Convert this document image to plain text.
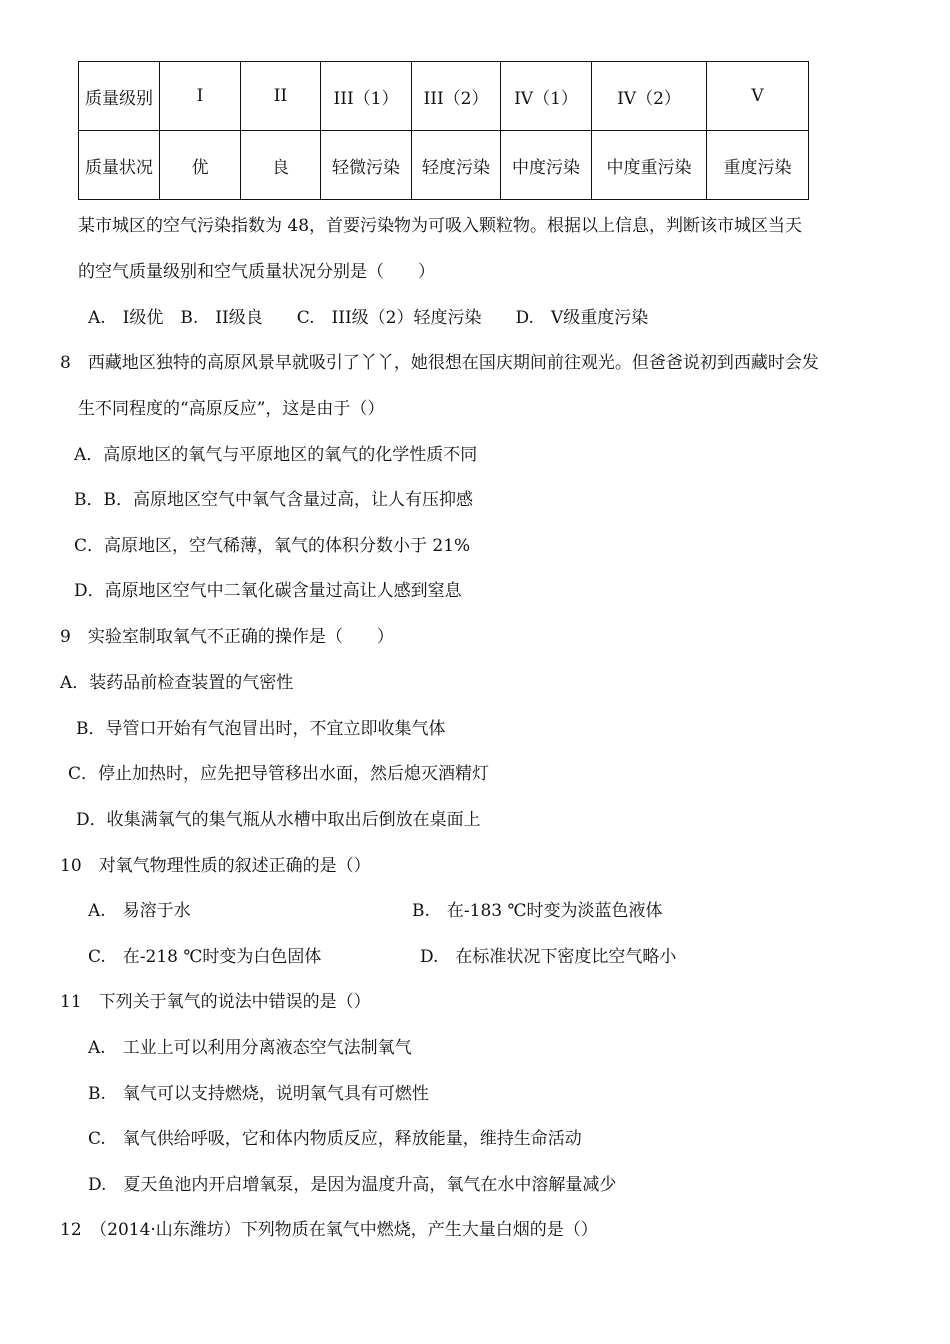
质量级别	I	II	III（1）	III（2）	IV（1）	IV（2）	V
质量状况	优	良	轻微污染	轻度污染	中度污染	中度重污染	重度污染
某市城区的空气污染指数为 48，首要污染物为可吸入颗粒物。根据以上信息，判断该市城区当天
的空气质量级别和空气质量状况分别是（　　）
A.　I级优　B.　II级良　　C.　III级（2）轻度污染　　D.　V级重度污染
8　西藏地区独特的高原风景早就吸引了丫丫，她很想在国庆期间前往观光。但爸爸说初到西藏时会发
生不同程度的“高原反应”，这是由于（）
A．高原地区的氧气与平原地区的氧气的化学性质不同
B．B．高原地区空气中氧气含量过高，让人有压抑感
C．高原地区，空气稀薄，氧气的体积分数小于 21%
D．高原地区空气中二氧化碳含量过高让人感到窒息
9　实验室制取氧气不正确的操作是（　　）
A．装药品前检查装置的气密性
B．导管口开始有气泡冒出时，不宜立即收集气体
C．停止加热时，应先把导管移出水面，然后熄灭酒精灯
D．收集满氧气的集气瓶从水槽中取出后倒放在桌面上
10　对氧气物理性质的叙述正确的是（）
A.　易溶于水	B.　在-183 ℃时变为淡蓝色液体
C.　在-218 ℃时变为白色固体	D.　在标准状况下密度比空气略小
11　下列关于氧气的说法中错误的是（）
A.　工业上可以利用分离液态空气法制氧气
B.　氧气可以支持燃烧，说明氧气具有可燃性
C.　氧气供给呼吸，它和体内物质反应，释放能量，维持生命活动
D.　夏天鱼池内开启增氧泵，是因为温度升高，氧气在水中溶解量减少
12　（2014·山东潍坊）下列物质在氧气中燃烧，产生大量白烟的是（）
